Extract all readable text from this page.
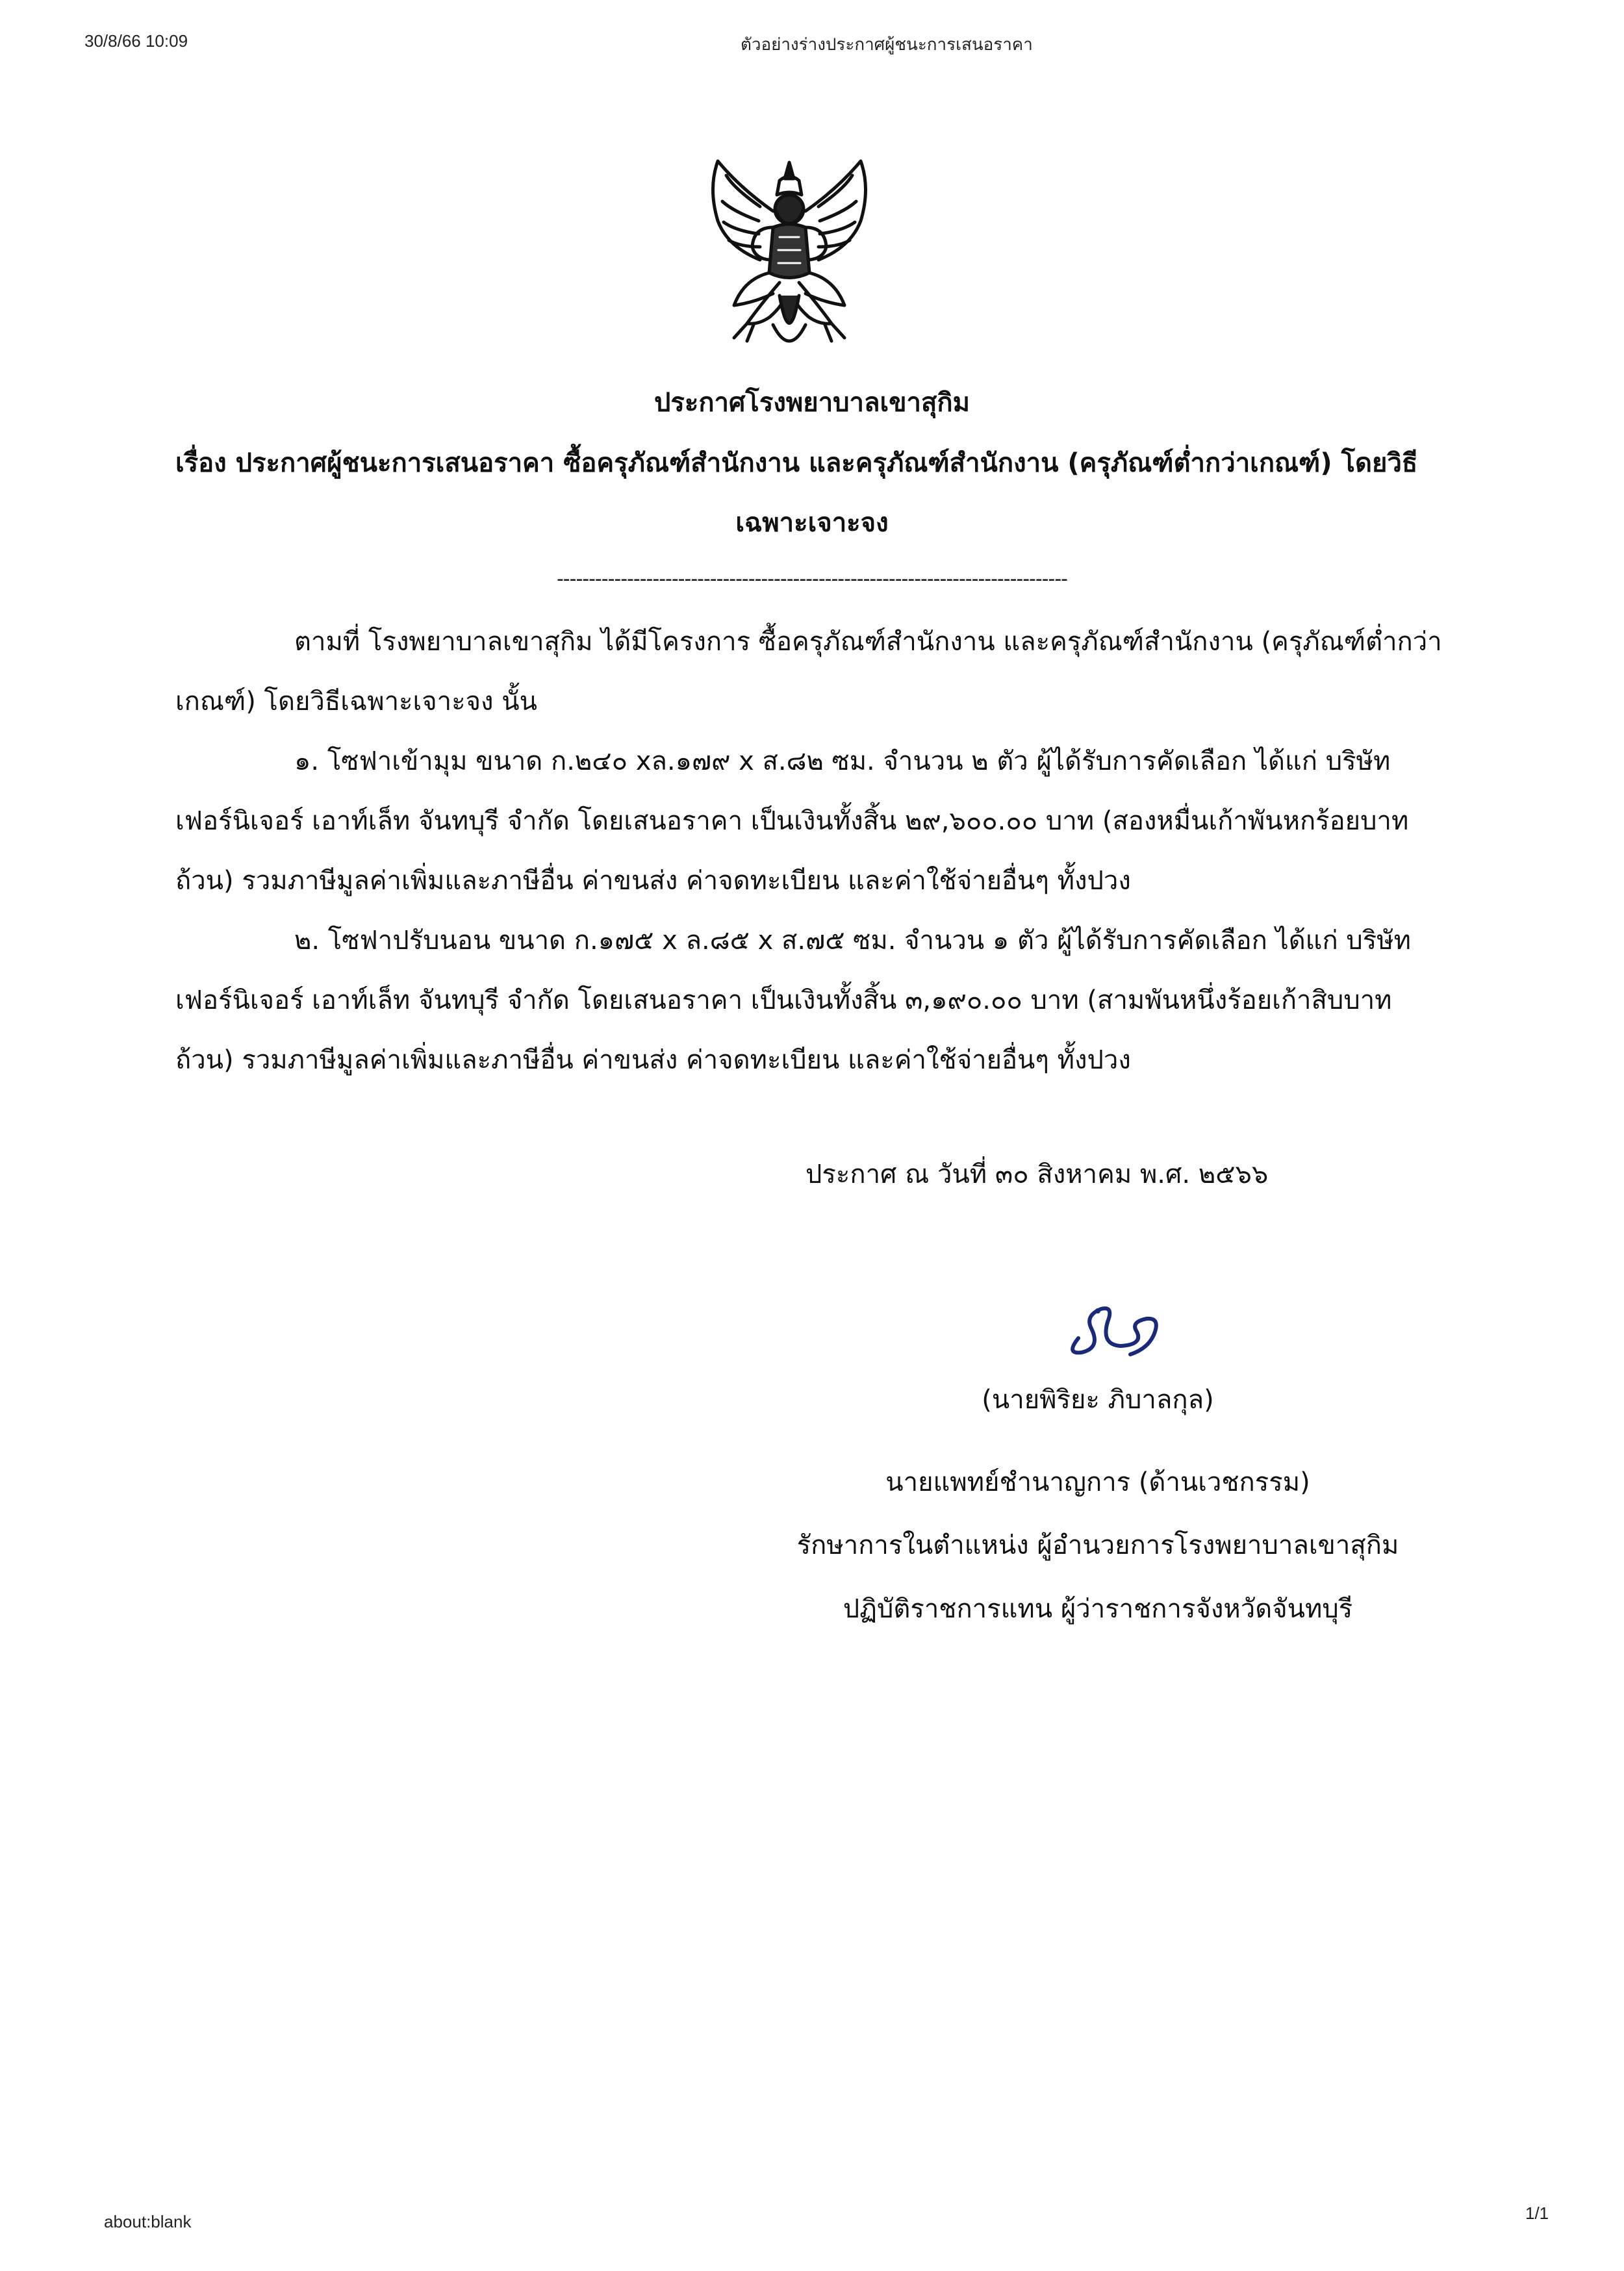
30/8/66 10:09	ตัวอย่างร่างประกาศผู้ชนะการเสนอราคา
ประกาศโรงพยาบาลเขาสุกิม
เรื่อง ประกาศผู้ชนะการเสนอราคา ซื้อครุภัณฑ์สำนักงาน และครุภัณฑ์สำนักงาน (ครุภัณฑ์ต่ำกว่าเกณฑ์) โดยวิธี
เฉพาะเจาะจง
--------------------------------------------------------------------------------
ตามที่ โรงพยาบาลเขาสุกิม ได้มีโครงการ ซื้อครุภัณฑ์สำนักงาน และครุภัณฑ์สำนักงาน (ครุภัณฑ์ต่ำกว่า
เกณฑ์) โดยวิธีเฉพาะเจาะจง นั้น
๑. โซฟาเข้ามุม ขนาด ก.๒๔๐ xล.๑๗๙ x ส.๘๒ ซม. จำนวน ๒ ตัว ผู้ได้รับการคัดเลือก ได้แก่ บริษัท
เฟอร์นิเจอร์ เอาท์เล็ท จันทบุรี จำกัด โดยเสนอราคา เป็นเงินทั้งสิ้น ๒๙,๖๐๐.๐๐ บาท (สองหมื่นเก้าพันหกร้อยบาท
ถ้วน) รวมภาษีมูลค่าเพิ่มและภาษีอื่น ค่าขนส่ง ค่าจดทะเบียน และค่าใช้จ่ายอื่นๆ ทั้งปวง
๒. โซฟาปรับนอน ขนาด ก.๑๗๕ x ล.๘๕ x ส.๗๕ ซม. จำนวน ๑ ตัว ผู้ได้รับการคัดเลือก ได้แก่ บริษัท
เฟอร์นิเจอร์ เอาท์เล็ท จันทบุรี จำกัด โดยเสนอราคา เป็นเงินทั้งสิ้น ๓,๑๙๐.๐๐ บาท (สามพันหนึ่งร้อยเก้าสิบบาท
ถ้วน) รวมภาษีมูลค่าเพิ่มและภาษีอื่น ค่าขนส่ง ค่าจดทะเบียน และค่าใช้จ่ายอื่นๆ ทั้งปวง
ประกาศ ณ วันที่ ๓๐ สิงหาคม พ.ศ. ๒๕๖๖
(นายพิริยะ ภิบาลกุล)
นายแพทย์ชำนาญการ (ด้านเวชกรรม)
รักษาการในตำแหน่ง ผู้อำนวยการโรงพยาบาลเขาสุกิม
ปฏิบัติราชการแทน ผู้ว่าราชการจังหวัดจันทบุรี
about:blank	1/1
